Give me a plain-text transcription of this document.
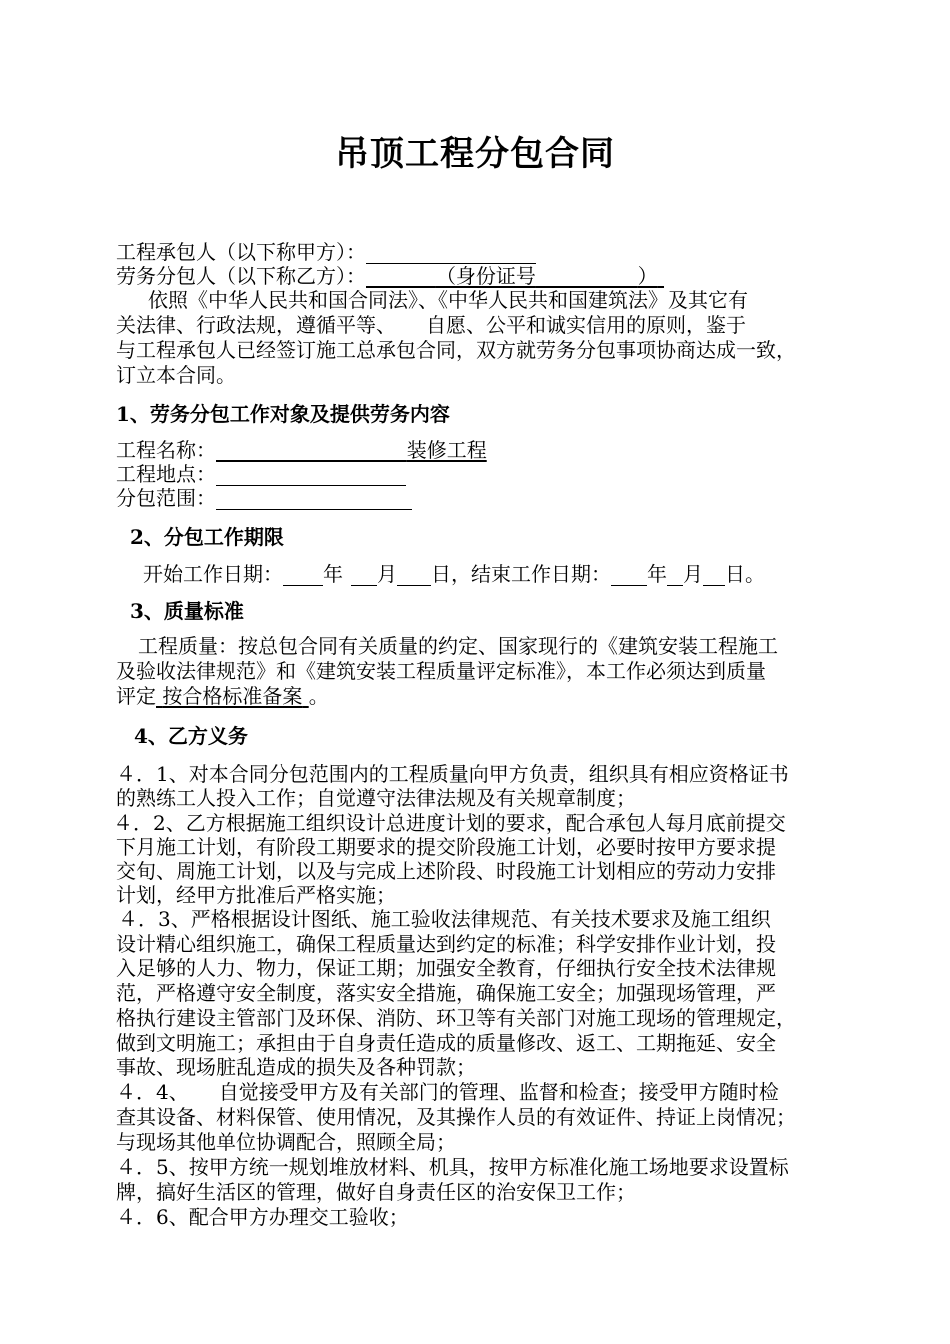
吊顶工程分包合同
工程承包人（以下称甲方）：
劳务分包人（以下称乙方）：	（身份证号	）
依照《中华人民共和国合同法》、《中华人民共和国建筑法》及其它有
关法律、行政法规，遵循平等、　　自愿、公平和诚实信用的原则，鉴于
与工程承包人已经签订施工总承包合同，双方就劳务分包事项协商达成一致，
订立本合同。
1、劳务分包工作对象及提供劳务内容
工程名称：	装修工程
工程地点：
分包范围：
2、分包工作期限
开始工作日期： 年 月 日，结束工作日期： 年 月 日。
3、质量标准
工程质量：按总包合同有关质量的约定、国家现行的《建筑安装工程施工
及验收法律规范》和《建筑安装工程质量评定标准》，本工作必须达到质量
评定 按合格标准备案 。
4、乙方义务
４．1、对本合同分包范围内的工程质量向甲方负责，组织具有相应资格证书
的熟练工人投入工作；自觉遵守法律法规及有关规章制度；
４．2、乙方根据施工组织设计总进度计划的要求，配合承包人每月底前提交
下月施工计划，有阶段工期要求的提交阶段施工计划，必要时按甲方要求提
交旬、周施工计划，以及与完成上述阶段、时段施工计划相应的劳动力安排
计划，经甲方批准后严格实施；
４．3、严格根据设计图纸、施工验收法律规范、有关技术要求及施工组织
设计精心组织施工，确保工程质量达到约定的标准；科学安排作业计划，投
入足够的人力、物力，保证工期；加强安全教育，仔细执行安全技术法律规
范，严格遵守安全制度，落实安全措施，确保施工安全；加强现场管理，严
格执行建设主管部门及环保、消防、环卫等有关部门对施工现场的管理规定，
做到文明施工；承担由于自身责任造成的质量修改、返工、工期拖延、安全
事故、现场脏乱造成的损失及各种罚款；
４．4、　　自觉接受甲方及有关部门的管理、监督和检查；接受甲方随时检
查其设备、材料保管、使用情况，及其操作人员的有效证件、持证上岗情况；
与现场其他单位协调配合，照顾全局；
４．5、按甲方统一规划堆放材料、机具，按甲方标准化施工场地要求设置标
牌，搞好生活区的管理，做好自身责任区的治安保卫工作；
４．6、配合甲方办理交工验收；
